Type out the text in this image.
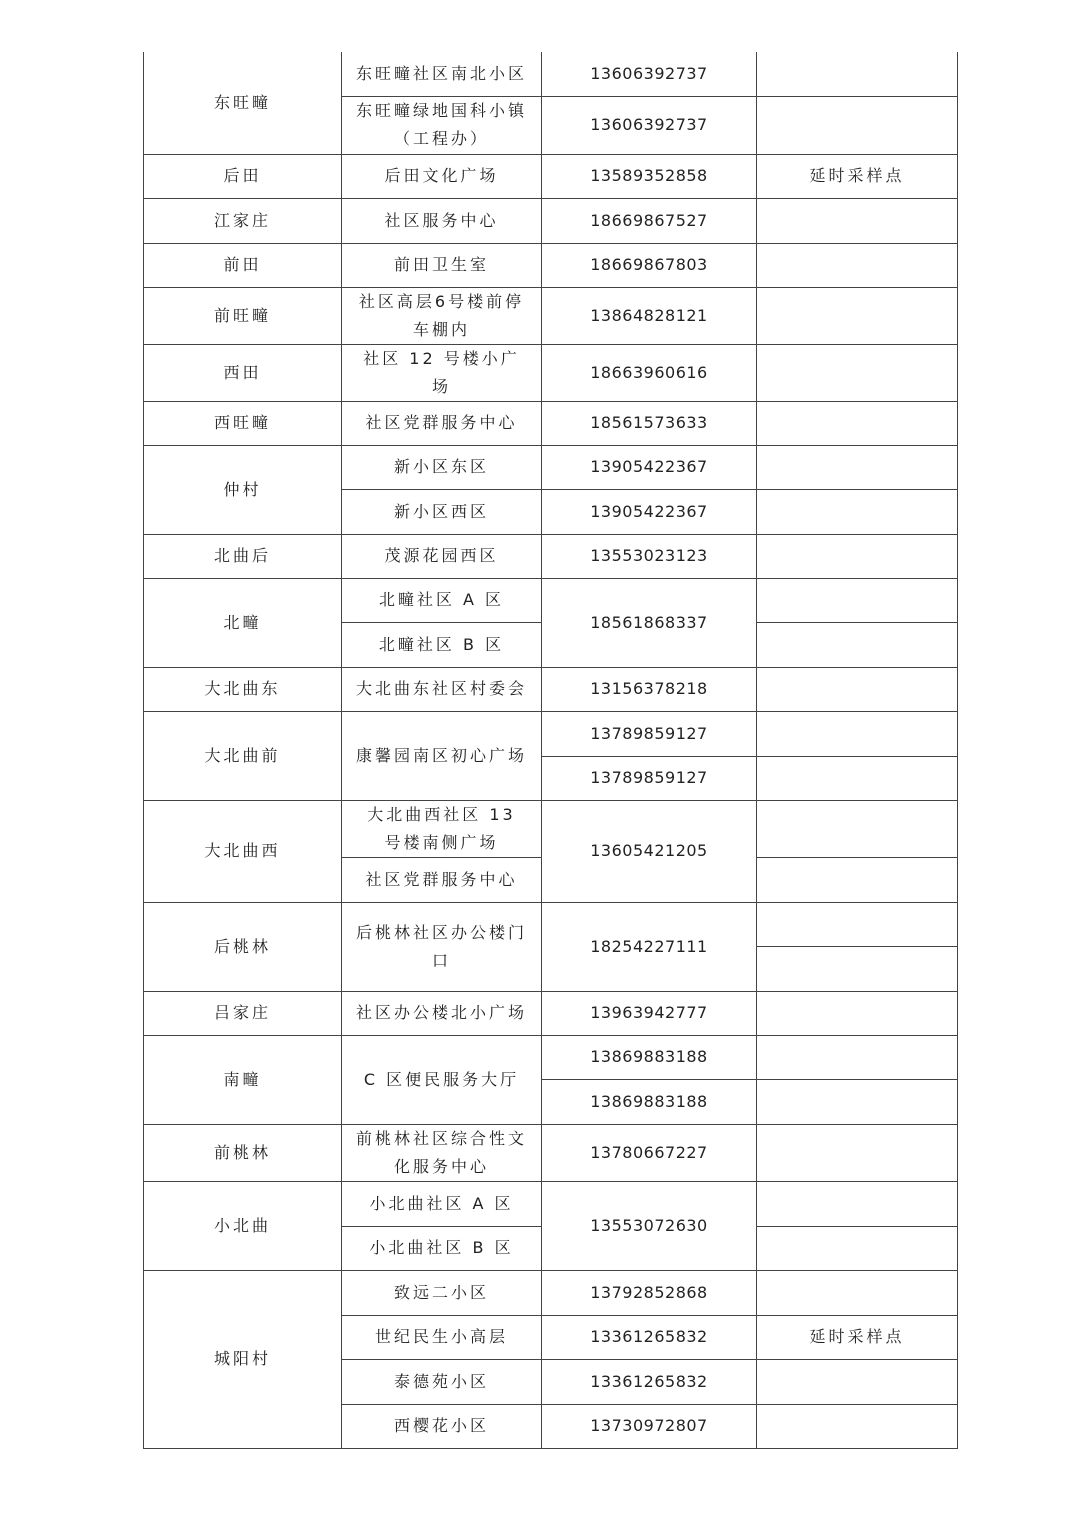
东旺疃	东旺疃社区南北小区	13606392737	
	东旺疃绿地国科小镇（工程办）	13606392737	
后田	后田文化广场	13589352858	延时采样点
江家庄	社区服务中心	18669867527	
前田	前田卫生室	18669867803	
前旺疃	社区高层6号楼前停车棚内	13864828121	
西田	社区 12 号楼小广场	18663960616	
西旺疃	社区党群服务中心	18561573633	
仲村	新小区东区	13905422367	
	新小区西区	13905422367	
北曲后	茂源花园西区	13553023123	
北疃	北疃社区 A 区	18561868337	
	北疃社区 B 区		
大北曲东	大北曲东社区村委会	13156378218	
大北曲前	康馨园南区初心广场	13789859127	
		13789859127	
大北曲西	大北曲西社区 13 号楼南侧广场	13605421205	
	社区党群服务中心		
后桃林	后桃林社区办公楼门口	18254227111	

吕家庄	社区办公楼北小广场	13963942777	
南疃	C 区便民服务大厅	13869883188	
		13869883188	
前桃林	前桃林社区综合性文化服务中心	13780667227	
小北曲	小北曲社区 A 区	13553072630	
	小北曲社区 B 区		
城阳村	致远二小区	13792852868	
	世纪民生小高层	13361265832	延时采样点
	泰德苑小区	13361265832	
	西樱花小区	13730972807	
